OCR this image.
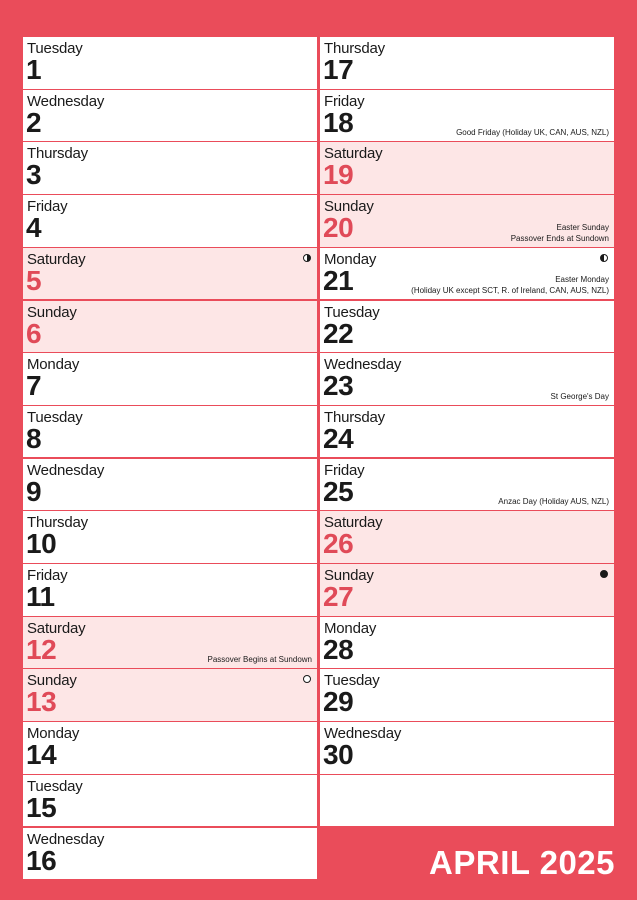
Tuesday
1
Wednesday
2
Thursday
3
Friday
4
Saturday
5
Sunday
6
Monday
7
Tuesday
8
Wednesday
9
Thursday
10
Friday
11
Saturday
12	Passover Begins at Sundown
Sunday
13
Monday
14
Tuesday
15
Wednesday
16
Thursday
17
Friday
18	Good Friday (Holiday UK, CAN, AUS, NZL)
Saturday
19
Sunday
20	Easter Sunday
Passover Ends at Sundown
Monday
21	Easter Monday
(Holiday UK except SCT, R. of Ireland, CAN, AUS, NZL)
Tuesday
22
Wednesday
23	St George's Day
Thursday
24
Friday
25	Anzac Day (Holiday AUS, NZL)
Saturday
26
Sunday
27
Monday
28
Tuesday
29
Wednesday
30
APRIL 2025
